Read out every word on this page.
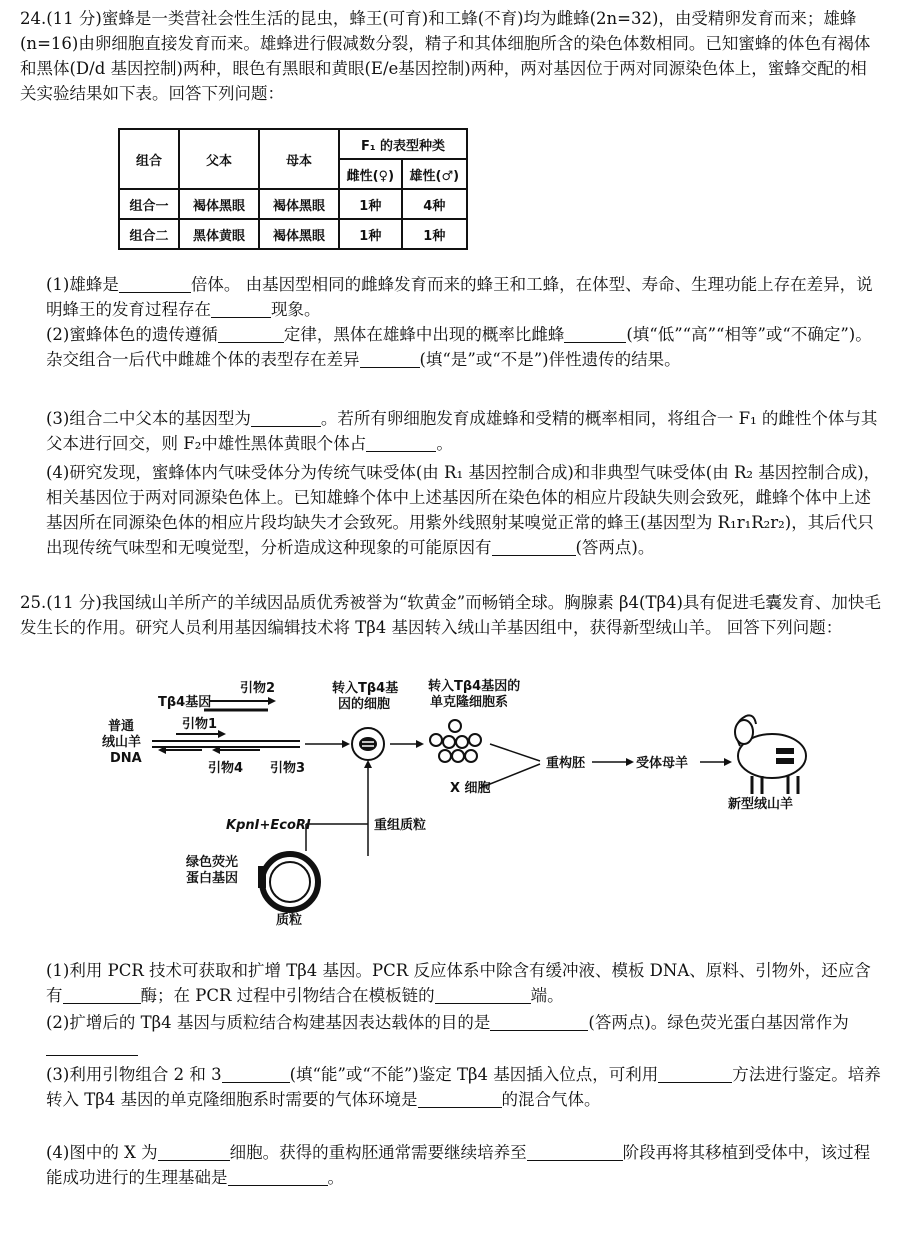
24.(11 分)蜜蜂是一类营社会性生活的昆虫，蜂王(可育)和工蜂(不育)均为雌蜂(2n=32)，由受精卵发育而来；雄蜂(n=16)由卵细胞直接发育而来。雄蜂进行假减数分裂，精子和其体细胞所含的染色体数相同。已知蜜蜂的体色有褐体和黑体(D/d 基因控制)两种，眼色有黑眼和黄眼(E/e基因控制)两种，两对基因位于两对同源染色体上，蜜蜂交配的相关实验结果如下表。回答下列问题：
组合	父本	母本	F₁ 的表型种类	
			雌性(♀)	雄性(♂)
组合一	褐体黑眼	褐体黑眼	1种	4种
组合二	黑体黄眼	褐体黑眼	1种	1种
(1)雄蜂是	倍体。 由基因型相同的雌蜂发育而来的蜂王和工蜂，在体型、寿命、生理功能上存在差异，说明蜂王的发育过程存在	现象。
(2)蜜蜂体色的遗传遵循	定律，黑体在雄蜂中出现的概率比雌蜂	(填“低”“高”“相等”或“不确定”)。杂交组合一后代中雌雄个体的表型存在差异	(填“是”或“不是”)伴性遗传的结果。
(3)组合二中父本的基因型为	。若所有卵细胞发育成雄蜂和受精的概率相同，将组合一 F₁ 的雌性个体与其父本进行回交，则 F₂中雄性黑体黄眼个体占	。
(4)研究发现，蜜蜂体内气味受体分为传统气味受体(由 R₁ 基因控制合成)和非典型气味受体(由 R₂ 基因控制合成)，相关基因位于两对同源染色体上。已知雄蜂个体中上述基因所在染色体的相应片段缺失则会致死，雌蜂个体中上述基因所在同源染色体的相应片段均缺失才会致死。用紫外线照射某嗅觉正常的蜂王(基因型为 R₁r₁R₂r₂)，其后代只出现传统气味型和无嗅觉型，分析造成这种现象的可能原因有	(答两点)。
25.(11 分)我国绒山羊所产的羊绒因品质优秀被誉为“软黄金”而畅销全球。胸腺素 β4(Tβ4)具有促进毛囊发育、加快毛发生长的作用。研究人员利用基因编辑技术将 Tβ4 基因转入绒山羊基因组中，获得新型绒山羊。 回答下列问题：
Tβ4基因
引物2
引物1
普通
绒山羊
DNA
引物4 引物3
转入Tβ4基
因的细胞
转入Tβ4基因的
单克隆细胞系
X 细胞
重构胚	受体母羊
新型绒山羊
KpnⅠ+EcoRⅠ	重组质粒
绿色荧光
蛋白基因
质粒
(1)利用 PCR 技术可获取和扩增 Tβ4 基因。PCR 反应体系中除含有缓冲液、模板 DNA、原料、引物外，还应含有	酶；在 PCR 过程中引物结合在模板链的	端。
(2)扩增后的 Tβ4 基因与质粒结合构建基因表达载体的目的是	(答两点)。绿色荧光蛋白基因常作为
(3)利用引物组合 2 和 3	(填“能”或“不能”)鉴定 Tβ4 基因插入位点，可利用	方法进行鉴定。培养转入 Tβ4 基因的单克隆细胞系时需要的气体环境是	的混合气体。
(4)图中的 X 为	细胞。获得的重构胚通常需要继续培养至	阶段再将其移植到受体中，该过程能成功进行的生理基础是	。
